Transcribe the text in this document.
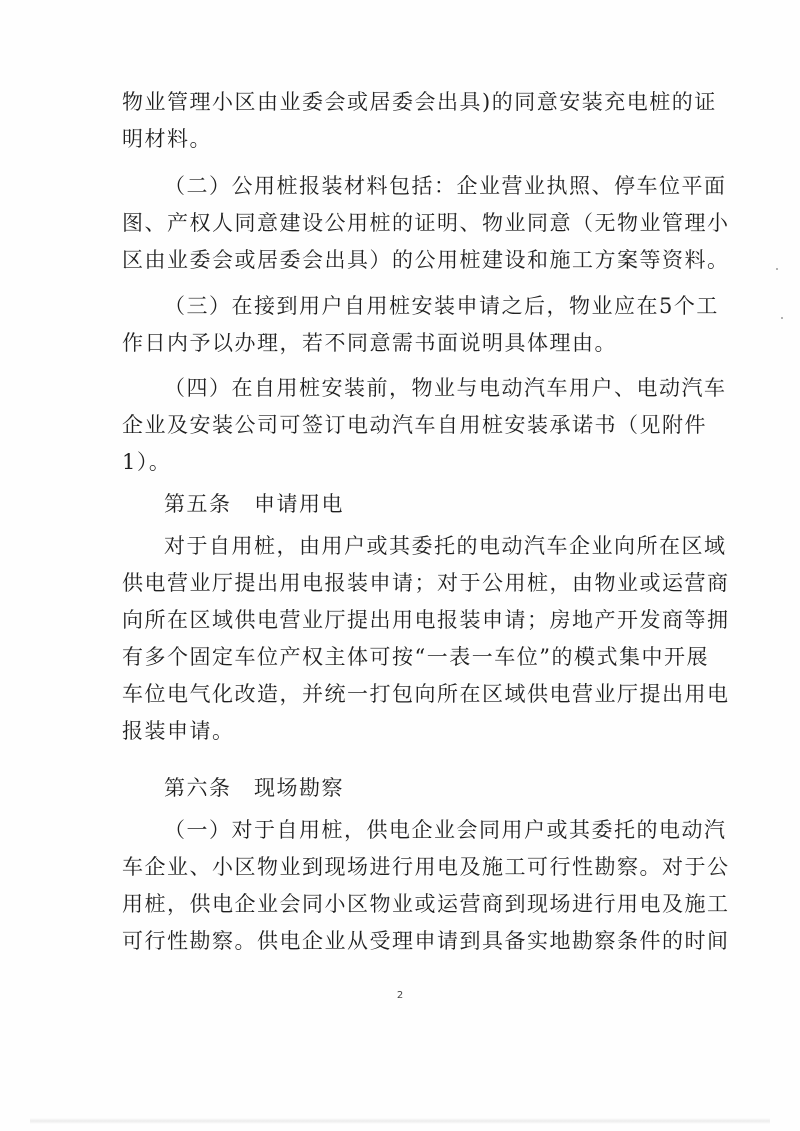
物业管理小区由业委会或居委会出具)的同意安装充电桩的证
明材料。
（二）公用桩报装材料包括：企业营业执照、停车位平面
图、产权人同意建设公用桩的证明、物业同意（无物业管理小
区由业委会或居委会出具）的公用桩建设和施工方案等资料。
（三）在接到用户自用桩安装申请之后，物业应在5个工
作日内予以办理，若不同意需书面说明具体理由。
（四）在自用桩安装前，物业与电动汽车用户、电动汽车
企业及安装公司可签订电动汽车自用桩安装承诺书（见附件
1）。
第五条　申请用电
对于自用桩，由用户或其委托的电动汽车企业向所在区域
供电营业厅提出用电报装申请；对于公用桩，由物业或运营商
向所在区域供电营业厅提出用电报装申请；房地产开发商等拥
有多个固定车位产权主体可按“一表一车位”的模式集中开展
车位电气化改造，并统一打包向所在区域供电营业厅提出用电
报装申请。
第六条　现场勘察
（一）对于自用桩，供电企业会同用户或其委托的电动汽
车企业、小区物业到现场进行用电及施工可行性勘察。对于公
用桩，供电企业会同小区物业或运营商到现场进行用电及施工
可行性勘察。供电企业从受理申请到具备实地勘察条件的时间
2
